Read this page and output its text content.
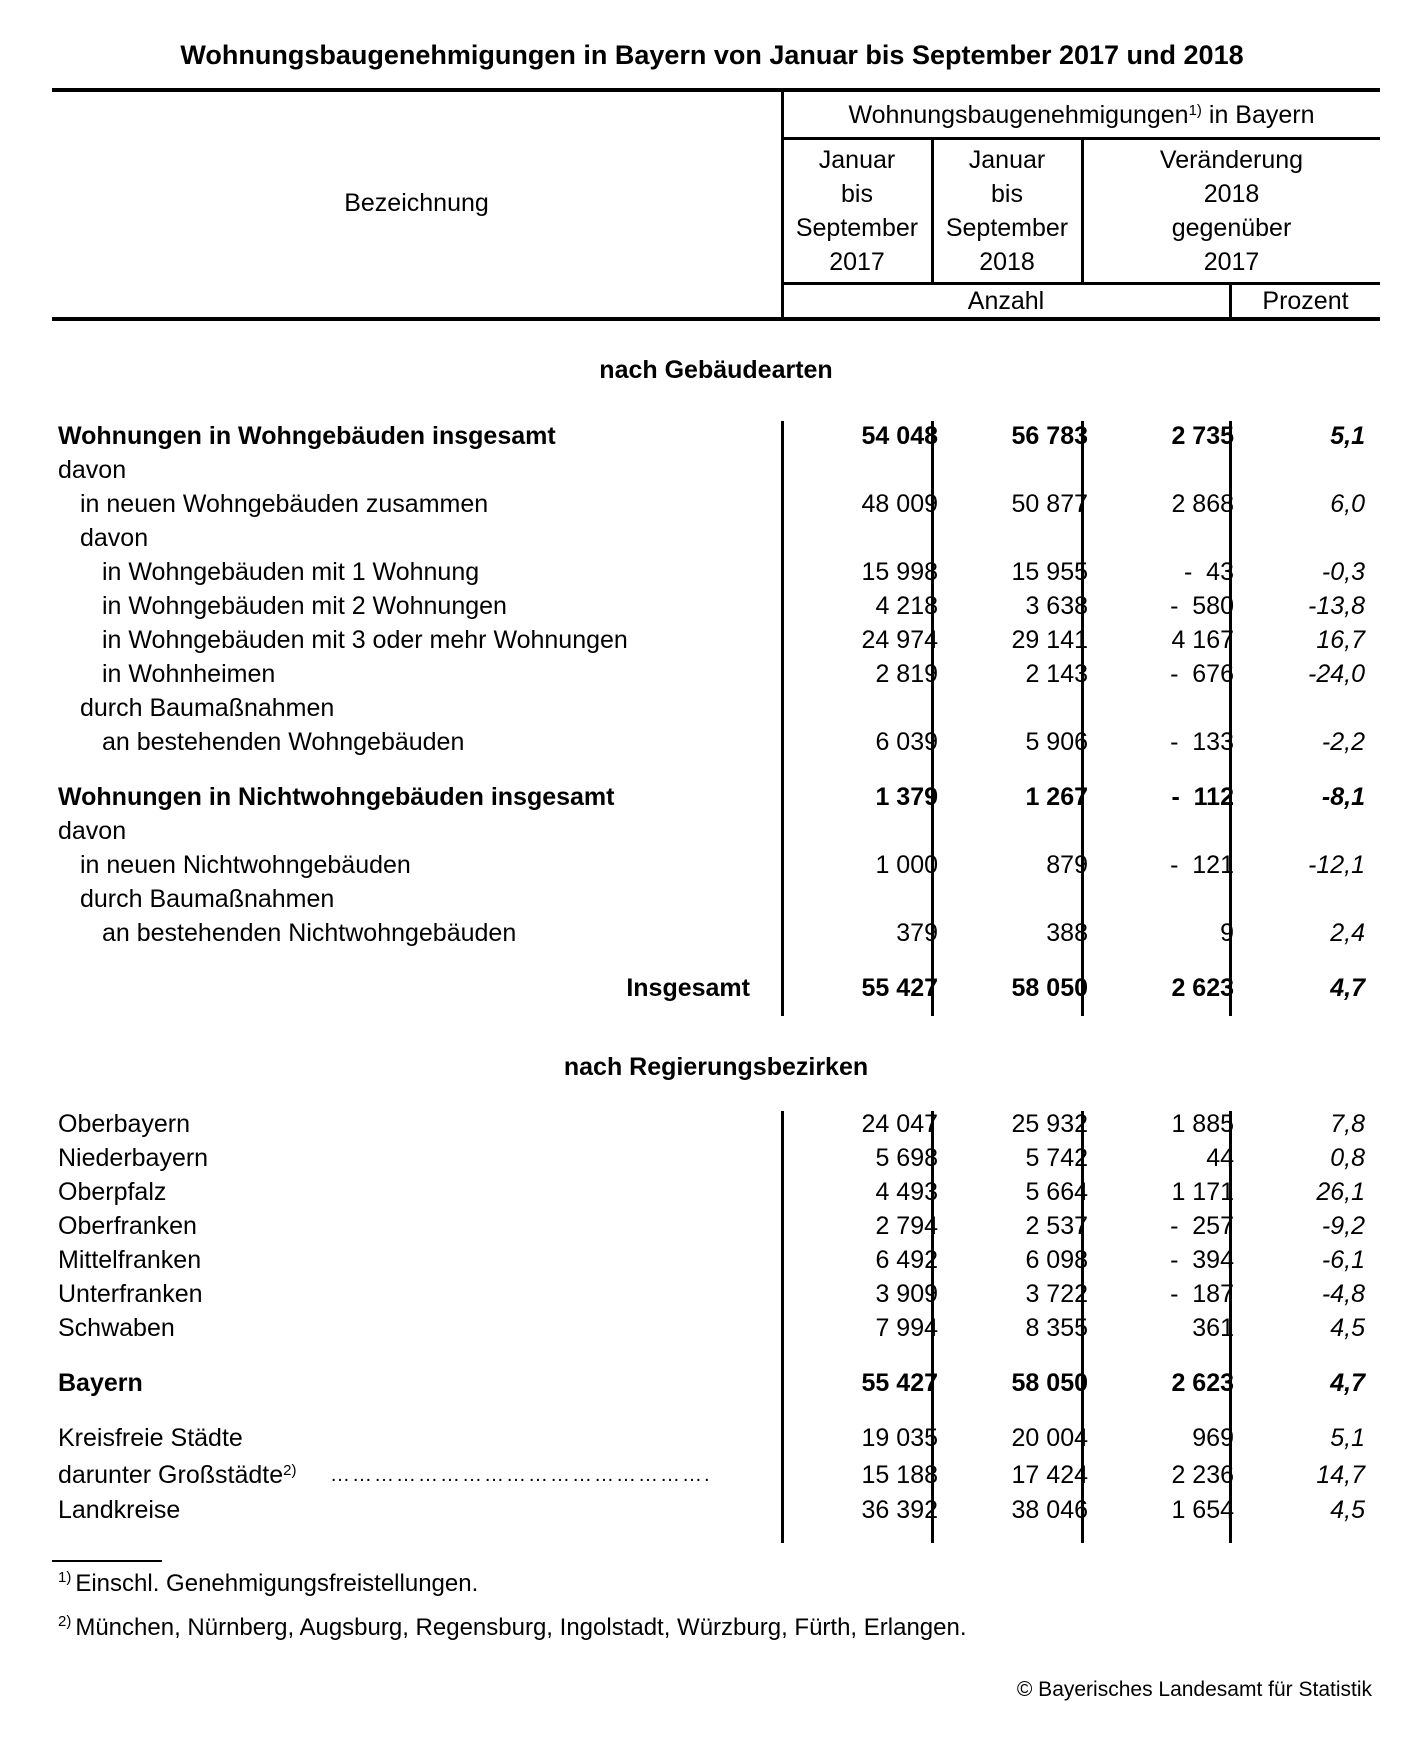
Wohnungsbaugenehmigungen in Bayern von Januar bis September 2017 und 2018
Bezeichnung
Wohnungsbaugenehmigungen$^{1)}$ in Bayern
Januar
bis
September
2017
Januar
bis
September
2018
Veränderung
2018
gegenüber
2017
Anzahl	Prozent
nach Gebäudearten
Wohnungen in Wohngebäuden insgesamt	54 048	56 783	2 735	5,1
davon
in neuen Wohngebäuden zusammen	48 009	50 877	2 868	6,0
davon
in Wohngebäuden mit 1 Wohnung	15 998	15 955	-  43	-0,3
in Wohngebäuden mit 2 Wohnungen	4 218	3 638	-  580	-13,8
in Wohngebäuden mit 3 oder mehr Wohnungen	24 974	29 141	4 167	16,7
in Wohnheimen	2 819	2 143	-  676	-24,0
durch Baumaßnahmen
an bestehenden Wohngebäuden	6 039	5 906	-  133	-2,2
Wohnungen in Nichtwohngebäuden insgesamt	1 379	1 267	-  112	-8,1
davon
in neuen Nichtwohngebäuden	1 000	879	-  121	-12,1
durch Baumaßnahmen
an bestehenden Nichtwohngebäuden	379	388	9	2,4
Insgesamt	55 427	58 050	2 623	4,7
nach Regierungsbezirken
Oberbayern	24 047	25 932	1 885	7,8
Niederbayern	5 698	5 742	44	0,8
Oberpfalz	4 493	5 664	1 171	26,1
Oberfranken	2 794	2 537	-  257	-9,2
Mittelfranken	6 492	6 098	-  394	-6,1
Unterfranken	3 909	3 722	-  187	-4,8
Schwaben	7 994	8 355	361	4,5
Bayern	55 427	58 050	2 623	4,7
Kreisfreie Städte	19 035	20 004	969	5,1
darunter Großstädte$^{2)}$ …………………………………………….	15 188	17 424	2 236	14,7
Landkreise	36 392	38 046	1 654	4,5
$^{1)}$ Einschl. Genehmigungsfreistellungen.
$^{2)}$ München, Nürnberg, Augsburg, Regensburg, Ingolstadt, Würzburg, Fürth, Erlangen.
© Bayerisches Landesamt für Statistik
